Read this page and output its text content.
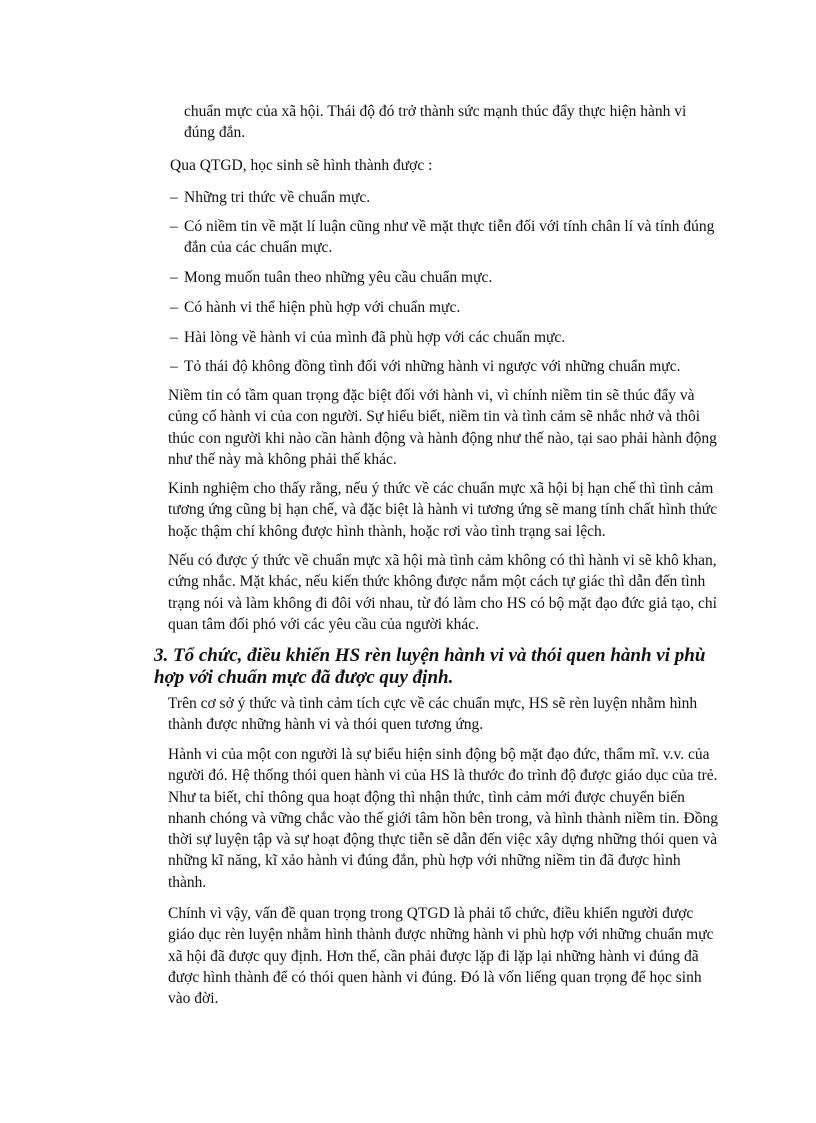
chuẩn mực của xã hội. Thái độ đó trở thành sức mạnh thúc đẩy thực hiện hành vi đúng đắn.

Qua QTGD, học sinh sẽ hình thành được :

– Những tri thức về chuẩn mực.
– Có niềm tin về mặt lí luận cũng như về mặt thực tiễn đối với tính chân lí và tính đúng đắn của các chuẩn mực.
– Mong muốn tuân theo những yêu cầu chuẩn mực.
– Có hành vi thể hiện phù hợp với chuẩn mực.
– Hài lòng về hành vi của mình đã phù hợp với các chuẩn mực.
– Tỏ thái độ không đồng tình đối với những hành vi ngược với những chuẩn mực.

Niềm tin có tầm quan trọng đặc biệt đối với hành vi, vì chính niềm tin sẽ thúc đẩy và củng cố hành vi của con người. Sự hiểu biết, niềm tin và tình cảm sẽ nhắc nhở và thôi thúc con người khi nào cần hành động và hành động như thế nào, tại sao phải hành động như thế này mà không phải thế khác.

Kinh nghiệm cho thấy rằng, nếu ý thức về các chuẩn mực xã hội bị hạn chế thì tình cảm tương ứng cũng bị hạn chế, và đặc biệt là hành vi tương ứng sẽ mang tính chất hình thức hoặc thậm chí không được hình thành, hoặc rơi vào tình trạng sai lệch.

Nếu có được ý thức về chuẩn mực xã hội mà tình cảm không có thì hành vi sẽ khô khan, cứng nhắc. Mặt khác, nếu kiến thức không được nắm một cách tự giác thì dẫn đến tình trạng nói và làm không đi đôi với nhau, từ đó làm cho HS có bộ mặt đạo đức giả tạo, chỉ quan tâm đối phó với các yêu cầu của người khác.

3. Tổ chức, điều khiển HS rèn luyện hành vi và thói quen hành vi phù hợp với chuẩn mực đã được quy định.

Trên cơ sở ý thức và tình cảm tích cực về các chuẩn mực, HS sẽ rèn luyện nhằm hình thành được những hành vi và thói quen tương ứng.

Hành vi của một con người là sự biểu hiện sinh động bộ mặt đạo đức, thẩm mĩ. v.v. của người đó. Hệ thống thói quen hành vi của HS là thước đo trình độ được giáo dục của trẻ. Như ta biết, chỉ thông qua hoạt động thì nhận thức, tình cảm mới được chuyển biến nhanh chóng và vững chắc vào thế giới tâm hồn bên trong, và hình thành niềm tin. Đồng thời sự luyện tập và sự hoạt động thực tiễn sẽ dẫn đến việc xây dựng những thói quen và những kĩ năng, kĩ xảo hành vi đúng đắn, phù hợp với những niềm tin đã được hình thành.

Chính vì vậy, vấn đề quan trọng trong QTGD là phải tổ chức, điều khiển người được giáo dục rèn luyện nhằm hình thành được những hành vi phù hợp với những chuẩn mực xã hội đã được quy định. Hơn thế, cần phải được lặp đi lặp lại những hành vi đúng đã được hình thành để có thói quen hành vi đúng. Đó là vốn liếng quan trọng để học sinh vào đời.
